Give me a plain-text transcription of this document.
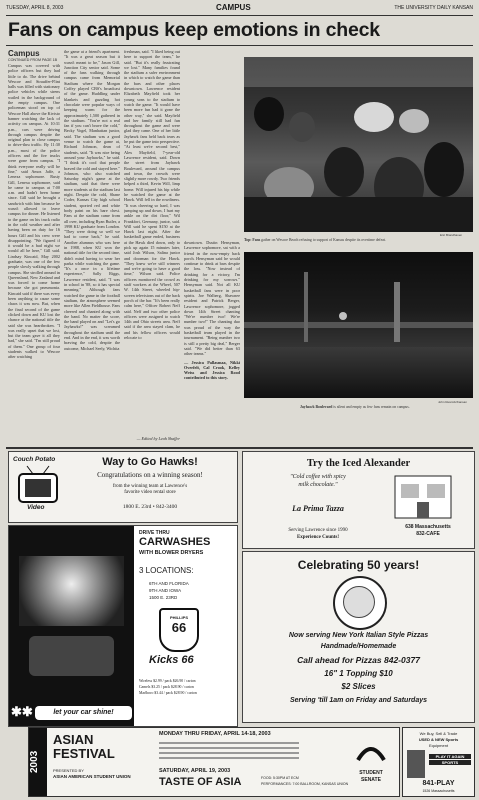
TUESDAY, APRIL 8, 2003	CAMPUS	THE UNIVERSITY DAILY KANSAN
Fans on campus keep emotions in check
Campus
CONTINUED FROM PAGE 1B
Campus was covered with police officers but they had little to do. The drive behind Wescoe and Strauffer-Flint halls was filled with stationary police vehicles while sirens wailed in the background of the empty campus. One policeman stood on top of Wescoe Hall above the Kivisto banner watching the lack of activity on campus. At 10:31 p.m., cars were driving through campus despite the original plan to close campus to drive-thru traffic. By 11:30 p.m., most of the police officers and the fire trucks were gone from campus. "I think everyone really will be fine," said Amos Jaffe, a Lenexa sophomore. Rusty Gill, Lenexa sophomore, said he came to campus at 7:00 a.m. and hadn't been home since. Gill said he brought a sandwich with him because he wasn't allowed to leave campus for dinner. He listened to the game on his truck radio in the cold weather and after having been on duty for 16 hours Gill and his crew were disappointing. "We figured if it would be a bad night we would all be here," Gill said. Lindsay Kincaid, May 2002 graduate, was one of the few people slowly walking through campus. She strolled around in Queensland, New Zealand and was forced to come home because she got pneumonia. Kincaid said if there was every been anything to cause some chaos it was now. But, when the final second of the game clicked down and KU lost the chance at the national title the said she was heartbroken. "I was really upset that we lost, but the team gave it all they had," she said. "I'm still proud of them." One group of four students walked to Wescoe after watching
the game at a friend's apartment. "It was a great season but it wasn't meant to be," Jason Gill, Junction City senior said. Some of the fans walking through campus came from Memorial Stadium where the Morgan Coffey played CBS's broadcast of the game. Huddling under blankets and guzzling hot chocolate were popular ways of keeping warm for the approximately 1,500 gathered in the stadium. "You're not a real fan if you can't brave the cold," Becky Vogel, Manhattan junior, said. The stadium was a good venue to watch the game at, Richard Johnson, dean of students, said. "It was nice being around your Jayhawks," he said. "I think it's cool that people braved the cold and stayed here." Johnson, who also watched Saturday night's game at the stadium, said that there were more students at the stadium last night. Despite the cold, Shane Coder, Kansas City high school student, sported red and white body paint on his bare chest. Fans at the stadium came from all over, including Ryan Butler, a 1998 KU graduate from London. "They were doing so well we had to come back," he said. Another alumnus who was here in 1988, when KU won the national title for the second time, didn't mind having to wear her parka while watching the game. "It's a once in a lifetime experience," Sally Riggs, Lawrence resident, said. "I was in school in '88, so it has special meaning." Although fans watched the game in the football stadium, the atmosphere seemed more like Allen Fieldhouse. Fans cheered and chanted along with the band. No matter the score, the band played on and "Let's go Jayhawks!" was screamed throughout the stadium until the end. And in the end, it was worth braving the cold, despite the outcome, Michael Seely, Wichita
freshman, said. "I liked being out here to support the team," he said. "But it's really frustrating we lost." Many families found the stadium a safer environment in which to watch the game than the bars and other places downtown. Lawrence resident Elizabeth Mayfield took her young sons to the stadium to watch the game. "It would have been more fun had it gone the other way," she said. Mayfield and her family still had fun throughout the game and were glad they came. One of her little Jayhawk fans held back tears as he put the game into perspective. "At least we're second best," Alex Mayfield, 7-year-old Lawrence resident, said. Down the street from Jayhawk Boulevard, around the campus and town, the crowds were slightly more rowdy. Two friends helped a third, Kevin Will, limp home. Will injured his hip while he watched the game at the Hawk. Will fell in the rowdiness. "It was cheering so hard, I was jumping up and down, I hurt my ankle on the dirt floor," Wil Frankfort, Germany, junior, said. Will said he spent $150 at the Hawk last night. After the basketball game ended, business at the Hawk died down, only to pick up again 15 minutes later, said Josh Wilson, Salina junior and doorman for the Hawk. "They knew we're still winners and we're going to have a good time," Wilson said. Police officers monitored the crowd as staff workers at the Wheel, 507 W. 14th Street, wheeled hip-screen televisions out of the back porch of the bar. "It's been really calm here," Officer Robert Neff said. Neff and two other police officers were assigned to watch 14th and Ohio streets area. Neff said if the area stayed clam, he and his fellow officers would relocate to
— Edited by Leah Shaffer
Eric Brandhaven
Top: Fans gather on Wescoe Beach refusing to support of Kansas despite its overtime defeat.
John Resnick/Kansan
Jayhawk Boulevard is silent and empty as few fans remain on campus.
downtown. Dustin Hensyman, Lawrence sophomore, sat with a friend in the now-empty back porch. Hensyman said he would continue to drink at bars despite the loss. "Now instead of drinking for a victory, I'm drinking for my sorrows." Hensyman said. Not all KU basketball fans were in poor spirits. Joe Walberg, Shawnee resident and Patrick Berger, Lawrence sophomore, jogged down 14th Street chanting "We're number two! We're number two!" The chanting duo was proud of the way the basketball team played in the tournament. "Being number two is still a pretty big deal," Berger said. "We did better than 63 other teams."
— Jessica Pallasmaa, Nikki Overfelt, Cal Crook, Kelley Weiss and Jessica Rood contributed to this story.
Couch Potato
Video
Way to Go Hawks!
Congratulations on a winning season!
from the winning team at Lawrence's
favorite video rental store
1800 E. 23rd • 842-3400
Try the Iced Alexander
"Cold coffee with spicy
milk chocolate."
La Prima Tazza
Serving Lawrence since 1990
Experience Counts!
638 Massachusetts
832-CAFE
✱✱	let your car shine!
DRIVE THRU
CARWASHES
WITH BLOWER DRYERS
3 LOCATIONS:
6TH AND FLORIDA
9TH AND IOWA
1500 E. 23RD
PHILLIPS
66
Kicks 66
Wireless $2.99 / pack $26.90 / carton
Camels $3.25 / pack $28.90 / carton
Marlboro $3.44 / pack $28.90 / carton
Celebrating 50 years!
Now serving New York Italian Style Pizzas
Handmade/Homemade
Call ahead for Pizzas 842-0377
16" 1 Topping $10
$2 Slices
Serving 'till 1am on Friday and Saturdays
2003
ASIAN
FESTIVAL
PRESENTED BY
ASIAN AMERICAN STUDENT UNION
MONDAY THRU FRIDAY, APRIL 14-18, 2003
SATURDAY, APRIL 19, 2003
TASTE OF ASIA	FOOD: 5:30PM AT ECM
PERFORMANCES: 7:00 BALLROOM, KANSAS UNION
STUDENT
SENATE
We Buy, Sell & Trade
USED & NEW Sports
Equipment
PLAY IT AGAIN
SPORTS
841-PLAY
1526 Massachusetts
